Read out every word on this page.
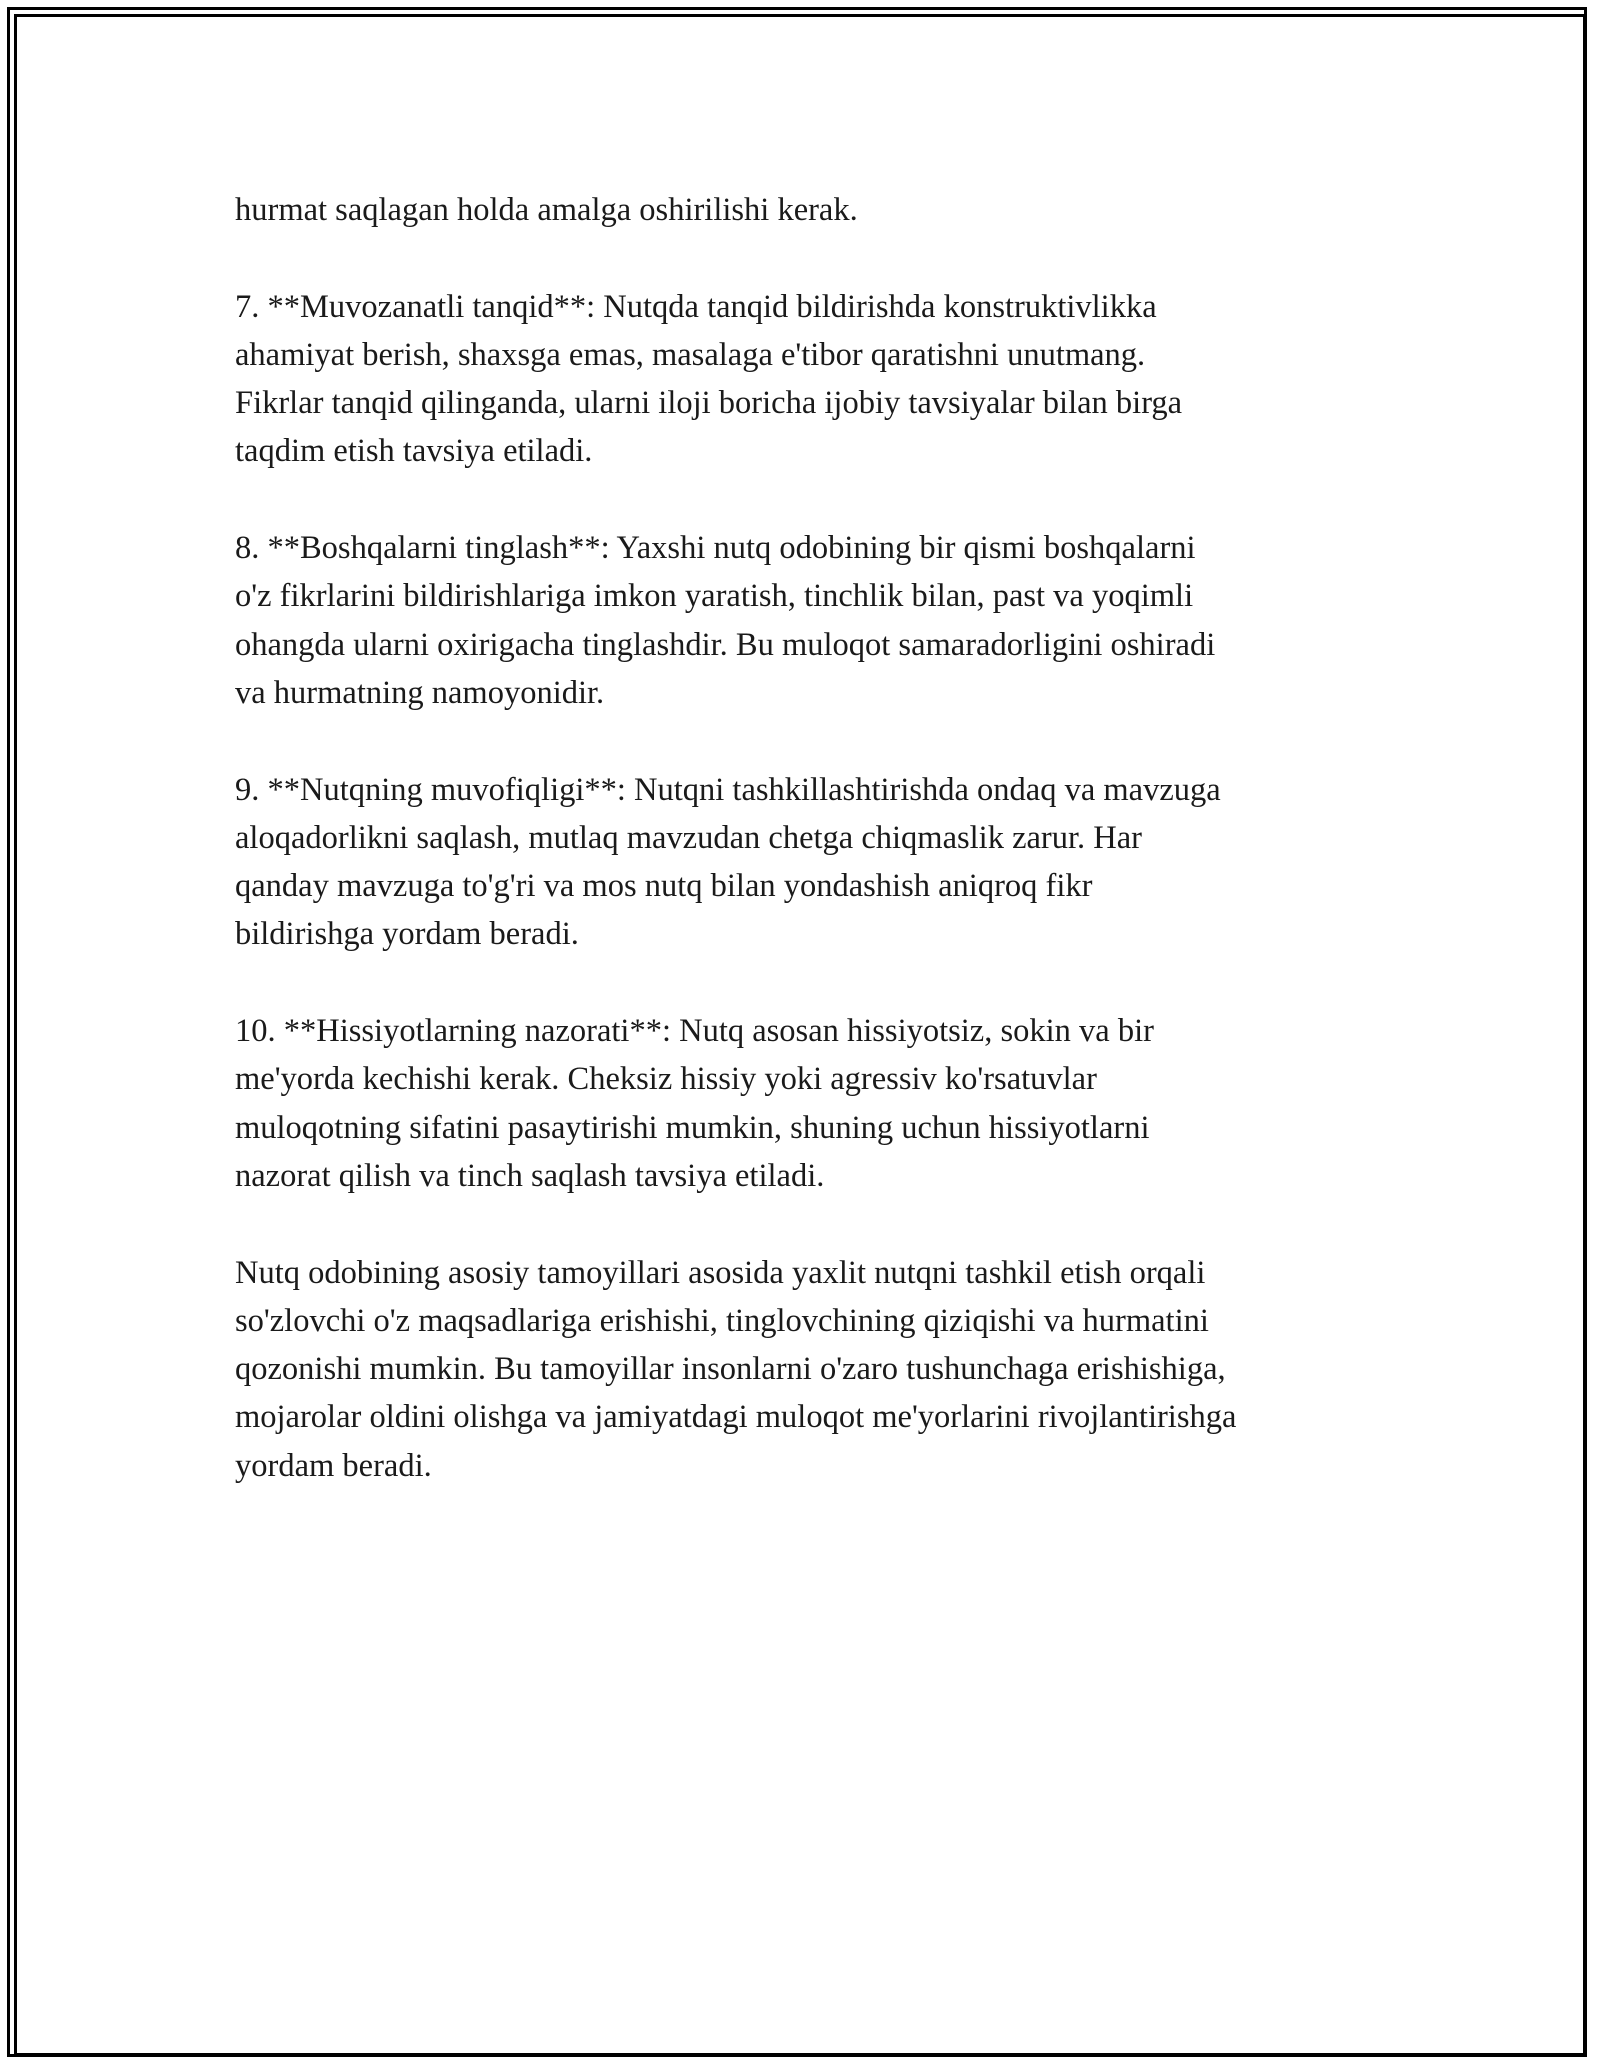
hurmat saqlagan holda amalga oshirilishi kerak.

7. **Muvozanatli tanqid**: Nutqda tanqid bildirishda konstruktivlikka
ahamiyat berish, shaxsga emas, masalaga e'tibor qaratishni unutmang.
Fikrlar tanqid qilinganda, ularni iloji boricha ijobiy tavsiyalar bilan birga
taqdim etish tavsiya etiladi.

8. **Boshqalarni tinglash**: Yaxshi nutq odobining bir qismi boshqalarni
o'z fikrlarini bildirishlariga imkon yaratish, tinchlik bilan, past va yoqimli
ohangda ularni oxirigacha tinglashdir. Bu muloqot samaradorligini oshiradi
va hurmatning namoyonidir.

9. **Nutqning muvofiqligi**: Nutqni tashkillashtirishda ondaq va mavzuga
aloqadorlikni saqlash, mutlaq mavzudan chetga chiqmaslik zarur. Har
qanday mavzuga to'g'ri va mos nutq bilan yondashish aniqroq fikr
bildirishga yordam beradi.

10. **Hissiyotlarning nazorati**: Nutq asosan hissiyotsiz, sokin va bir
me'yorda kechishi kerak. Cheksiz hissiy yoki agressiv ko'rsatuvlar
muloqotning sifatini pasaytirishi mumkin, shuning uchun hissiyotlarni
nazorat qilish va tinch saqlash tavsiya etiladi.

Nutq odobining asosiy tamoyillari asosida yaxlit nutqni tashkil etish orqali
so'zlovchi o'z maqsadlariga erishishi, tinglovchining qiziqishi va hurmatini
qozonishi mumkin. Bu tamoyillar insonlarni o'zaro tushunchaga erishishiga,
mojarolar oldini olishga va jamiyatdagi muloqot me'yorlarini rivojlantirishga
yordam beradi.
